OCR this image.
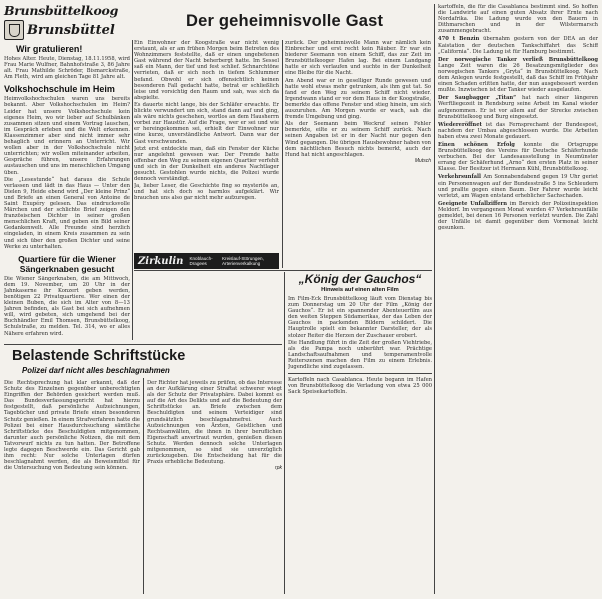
Brunsbüttelkoog
Brunsbüttel
Wir gratulieren!
Hohes Alter. Heute, Dienstag, 18.11.1958, wird Frau Marie Wulfner, Bahnhofstraße 3, 86 Jahre alt. Frau Mathilde Schröder, Bismarckstraße, Am Fleth, wird am gleichen Tage 81 Jahre alt.
Volkshochschule im Heim
Heimvolkshochschulen waren uns bereits bekannt. Aber Volkshochschulen im Heim? Leider hat unsere Volkshochschule kein eigenes Heim, wo wir lieber auf Schulbänken zusammen sitzen und einem Vortrag lauschen, im Gespräch erleben und die Welt erkennen. Klassenzimmer aber sind nicht immer sehr behaglich und erinnern an Unterricht. Wir wollen aber in der Volkshochschule nicht unterrichten; wir wollen miteinander arbeiten, Gespräche führen, unsere Erfahrungen austauschen und uns im menschlichen Umgang üben.
Die „Lesestunde“ hat daraus die Schule verlassen und lädt in das Haus — Unter den Dielen 9, Heide ebend wird „Der kleine Prinz“ und Briefe an einen General von Antoine de Saint Exupéry gelesen. Das eindrucksvolle Märchen und der schlichte Brief zeigen den französischen Dichter in seiner großen menschlichen Kraft, und geben ein Bild seiner Gedankenwelt. Alle Freunde sind herzlich eingeladen, in einem Kreis zusammen zu sein und sich über den großen Dichter und seine Werke zu unterhalten.
Quartiere für die Wiener Sängerknaben gesucht
Die Wiener Sängerknaben, die am Mittwoch, dem 19. November, um 20 Uhr in der Jahnkaserne ihr Konzert geben werden, benötigen 22 Privatquartiere. Wer einen der kleinen Buben, die sich im Alter von 8—13 Jahren befinden, als Gast bei sich aufnehmen will, wird gebeten, sich umgehend bei der Buchhändler Emil Thomsen, Brunsbüttelkoog, Schulstraße, zu melden. Tel. 314, wo er alles Nähere erfahren wird.
Der geheimnisvolle Gast
Ein Einwohner der Koogstraße war nicht wenig erstaunt, als er am frühen Morgen beim Betreten des Wohnzimmers feststellte, daß er einen ungebetenen Gast während der Nacht beherbergt hatte. Im Sessel saß ein Mann, der tief und fest schlief. Schnarchtöne verrieten, daß er sich noch in tiefem Schlummer befand. Obwohl er sich offensichtlich keinen besonderen Fall gedacht hatte, betrat er schließlich leise und vorsichtig den Raum und sah, was sich da abspielte.
Es dauerte nicht lange, bis der Schläfer erwachte. Er blickte verwundert um sich, stand dann auf und ging, als wäre nichts geschehen, wortlos an dem Hausherrn vorbei zur Haustür. Auf die Frage, wer er sei und wie er hereingekommen sei, erhielt der Einwohner nur eine kurze, unverständliche Antwort. Dann war der Gast verschwunden.
Jetzt erst entdeckte man, daß ein Fenster der Küche nur angelehnt gewesen war. Der Fremde hatte offenbar den Weg zu seinem eigenen Quartier verfehlt und sich in der Dunkelheit ein anderes Nachtlager gesucht. Gestohlen wurde nichts, die Polizei wurde dennoch verständigt.
Ja, lieber Leser, die Geschichte fing so mysteriös an, und hat sich doch so harmlos aufgeklärt. Wir brauchen uns also gar nicht mehr aufzuregen.
Zirkulin Knoblauch-Dragees
Kreislauf-Störungen, Arterienverkalkung
zurück. Der geheimnisvolle Mann war nämlich kein Einbrecher und erst recht kein Räuber. Er war ein biederer Seemann von einem Schiff, das zur Zeit im Brunsbüttelkooger Hafen lag. Bei einem Landgang hatte er sich verlaufen und suchte in der Dunkelheit eine Bleibe für die Nacht.
Am Abend war er in geselliger Runde gewesen und hatte wohl etwas mehr getrunken, als ihm gut tat. So fand er den Weg zu seinem Schiff nicht wieder. Irgendwann stand er vor dem Haus in der Koogstraße, bemerkte das offene Fenster und stieg hinein, um sich auszuruhen. Am Morgen wurde er wach, sah die fremde Umgebung und ging.
Als der Seemann beim Weckruf seinen Fehler bemerkte, eilte er zu seinem Schiff zurück. Nach seinen Angaben ist er in der Nacht nur gegen den Wind gegangen. Die übrigen Hausbewohner haben von dem nächtlichen Besuch nichts bemerkt, auch der Hund hat nicht angeschlagen.
Mutsch
„König der Gauchos“
Hinweis auf einen alten Film
Im Film-Eck Brunsbüttelkoog läuft vom Dienstag bis zum Donnerstag um 20 Uhr der Film „König der Gauchos“. Er ist ein spannender Abenteuerfilm aus den weiten Steppen Südamerikas, der das Leben der Gauchos in packenden Bildern schildert. Die Hauptrolle spielt ein bekannter Darsteller, der als stolzer Reiter die Herzen der Zuschauer erobert.
Die Handlung führt in die Zeit der großen Viehtriebe, als die Pampa noch unberührt war. Prächtige Landschaftsaufnahmen und temperamentvolle Reiterszenen machen den Film zu einem Erlebnis. Jugendliche sind zugelassen.
Kartoffeln nach Casablanca. Heute begann im Hafen von Brunsbüttelkoog die Verladung von etwa 25 000 Sack Speisekartoffeln.
Belastende Schriftstücke
Polizei darf nicht alles beschlagnahmen
Die Rechtsprechung hat klar erkannt, daß der Schutz des Einzelnen gegenüber unberechtigten Eingriffen der Behörden gesichert werden muß. Das Bundesverfassungsgericht hat hierzu festgestellt, daß persönliche Aufzeichnungen, Tagebücher und private Briefe einen besonderen Schutz genießen. In einem Strafverfahren hatte die Polizei bei einer Hausdurchsuchung sämtliche Schriftstücke des Beschuldigten mitgenommen, darunter auch persönliche Notizen, die mit dem Tatvorwurf nichts zu tun hatten. Der Betroffene legte dagegen Beschwerde ein. Das Gericht gab ihm recht: Nur solche Unterlagen dürfen beschlagnahmt werden, die als Beweismittel für die Untersuchung von Bedeutung sein können.
Der Richter hat jeweils zu prüfen, ob das Interesse an der Aufklärung einer Straftat schwerer wiegt als der Schutz der Privatsphäre. Dabei kommt es auf die Art des Delikts und auf die Bedeutung der Schriftstücke an. Briefe zwischen dem Beschuldigten und seinem Verteidiger sind grundsätzlich beschlagnahmefrei. Auch Aufzeichnungen von Ärzten, Geistlichen und Rechtsanwälten, die ihnen in ihrer beruflichen Eigenschaft anvertraut wurden, genießen diesen Schutz. Werden dennoch solche Unterlagen mitgenommen, so sind sie unverzüglich zurückzugeben. Die Entscheidung hat für die Praxis erhebliche Bedeutung.
rpk
kartoffeln, die für die Casablanca bestimmt sind. So hoffen die Landwirte auf einen guten Absatz ihrer Ernte nach Nordafrika. Die Ladung wurde von den Bauern in Dithmarschen und in der Wilstermarsch zusammengebracht.
470 t Benzin übernahm gestern von der DEA an der Kaistation der deutschen Tankschiffahrt das Schiff „California“. Die Ladung ist für Hamburg bestimmt.
Der norwegische Tanker verließ Brunsbüttelkoog Lange Zeit waren die 26 Besatzungsmitglieder des norwegischen Tankers „Gryta“ in Brunsbüttelkoog. Nach dem Anlegen wurde festgestellt, daß das Schiff im Frühjahr einen Schaden erlitten hatte, der nun ausgebessert werden mußte. Inzwischen ist der Tanker wieder ausgelaufen.
Der Saugbagger „Titan“ hat nach einer längeren Werftliegezeit in Rendsburg seine Arbeit im Kanal wieder aufgenommen. Er ist vor allem auf der Strecke zwischen Brunsbüttelkoog und Burg eingesetzt.
Wiedereröffnet ist das Fernsprechamt der Bundespost, nachdem der Umbau abgeschlossen wurde. Die Arbeiten haben etwa zwei Monate gedauert.
Einen schönen Erfolg konnte die Ortsgruppe Brunsbüttelkoog des Vereins für Deutsche Schäferhunde verbuchen. Bei der Landesausstellung in Neumünster errang der Schäferhund „Arno“ den ersten Platz in seiner Klasse. Der Besitzer ist Hermann Kühl, Brunsbüttelkoog.
Verkehrsunfall Am Sonnabendabend gegen 19 Uhr geriet ein Personenwagen auf der Bundesstraße 5 ins Schleudern und prallte gegen einen Baum. Der Fahrer wurde leicht verletzt, am Wagen entstand erheblicher Sachschaden.
Geeignete Unfallziffern im Bereich der Polizeiinspektion Meldorf. Im vergangenen Monat wurden 47 Verkehrsunfälle gemeldet, bei denen 16 Personen verletzt wurden. Die Zahl der Unfälle ist damit gegenüber dem Vormonat leicht gesunken.
